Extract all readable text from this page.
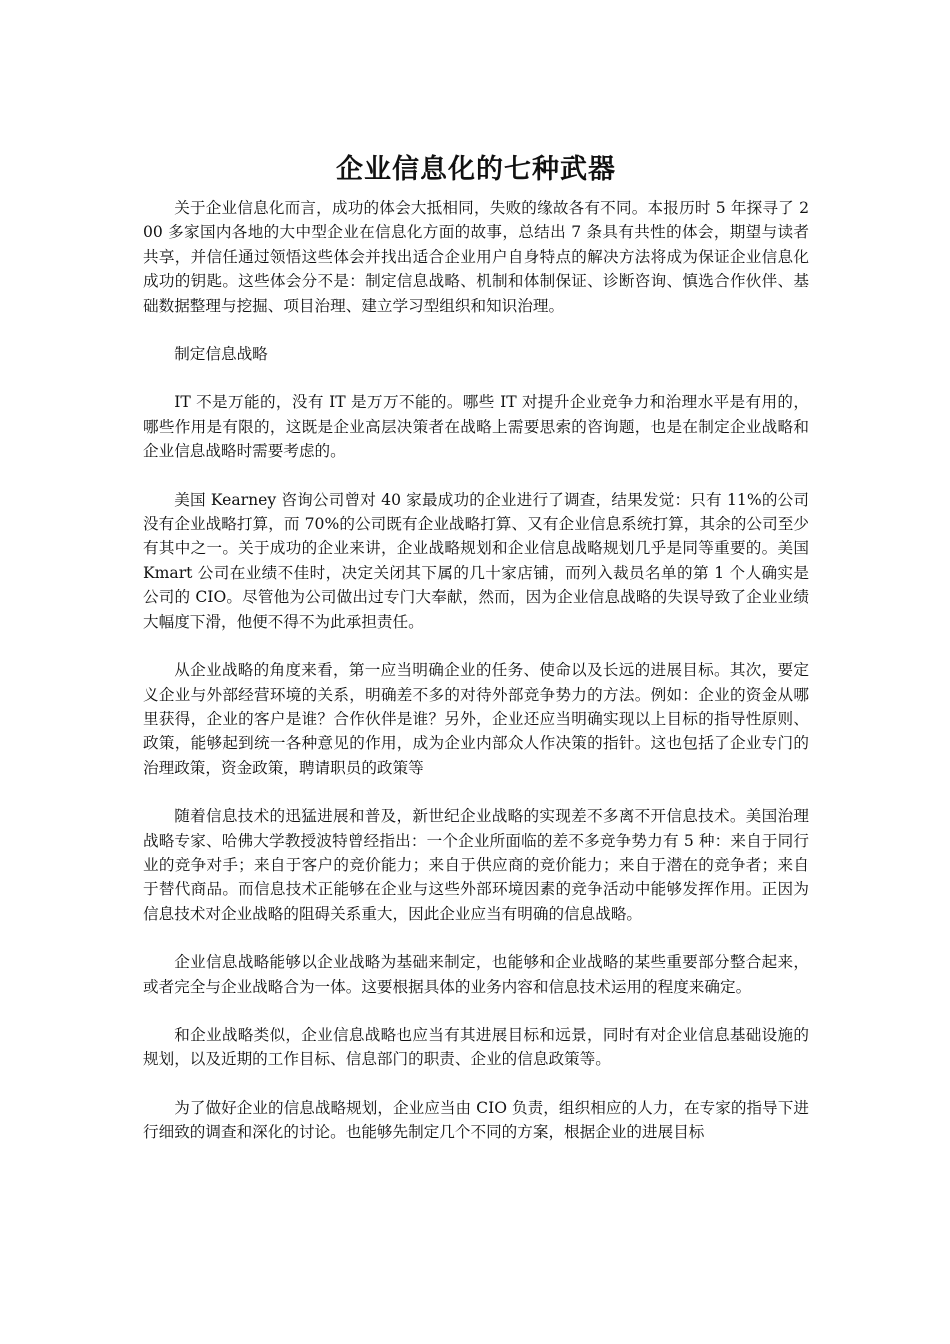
企业信息化的七种武器

关于企业信息化而言，成功的体会大抵相同，失败的缘故各有不同。本报历时 5 年探寻了 200 多家国内各地的大中型企业在信息化方面的故事，总结出 7 条具有共性的体会，期望与读者共享，并信任通过领悟这些体会并找出适合企业用户自身特点的解决方法将成为保证企业信息化成功的钥匙。这些体会分不是：制定信息战略、机制和体制保证、诊断咨询、慎选合作伙伴、基础数据整理与挖掘、项目治理、建立学习型组织和知识治理。

制定信息战略

IT 不是万能的，没有 IT 是万万不能的。哪些 IT 对提升企业竞争力和治理水平是有用的，哪些作用是有限的，这既是企业高层决策者在战略上需要思索的咨询题，也是在制定企业战略和企业信息战略时需要考虑的。

美国 Kearney 咨询公司曾对 40 家最成功的企业进行了调查，结果发觉：只有 11%的公司没有企业战略打算，而 70%的公司既有企业战略打算、又有企业信息系统打算，其余的公司至少有其中之一。关于成功的企业来讲，企业战略规划和企业信息战略规划几乎是同等重要的。美国 Kmart 公司在业绩不佳时，决定关闭其下属的几十家店铺，而列入裁员名单的第 1 个人确实是公司的 CIO。尽管他为公司做出过专门大奉献，然而，因为企业信息战略的失误导致了企业业绩大幅度下滑，他便不得不为此承担责任。

从企业战略的角度来看，第一应当明确企业的任务、使命以及长远的进展目标。其次，要定义企业与外部经营环境的关系，明确差不多的对待外部竞争势力的方法。例如：企业的资金从哪里获得，企业的客户是谁？合作伙伴是谁？另外，企业还应当明确实现以上目标的指导性原则、政策，能够起到统一各种意见的作用，成为企业内部众人作决策的指针。这也包括了企业专门的治理政策，资金政策，聘请职员的政策等

随着信息技术的迅猛进展和普及，新世纪企业战略的实现差不多离不开信息技术。美国治理战略专家、哈佛大学教授波特曾经指出：一个企业所面临的差不多竞争势力有 5 种：来自于同行业的竞争对手；来自于客户的竞价能力；来自于供应商的竞价能力；来自于潜在的竞争者；来自于替代商品。而信息技术正能够在企业与这些外部环境因素的竞争活动中能够发挥作用。正因为信息技术对企业战略的阻碍关系重大，因此企业应当有明确的信息战略。

企业信息战略能够以企业战略为基础来制定，也能够和企业战略的某些重要部分整合起来，或者完全与企业战略合为一体。这要根据具体的业务内容和信息技术运用的程度来确定。

和企业战略类似，企业信息战略也应当有其进展目标和远景，同时有对企业信息基础设施的规划，以及近期的工作目标、信息部门的职责、企业的信息政策等。

为了做好企业的信息战略规划，企业应当由 CIO 负责，组织相应的人力，在专家的指导下进行细致的调查和深化的讨论。也能够先制定几个不同的方案，根据企业的进展目标
